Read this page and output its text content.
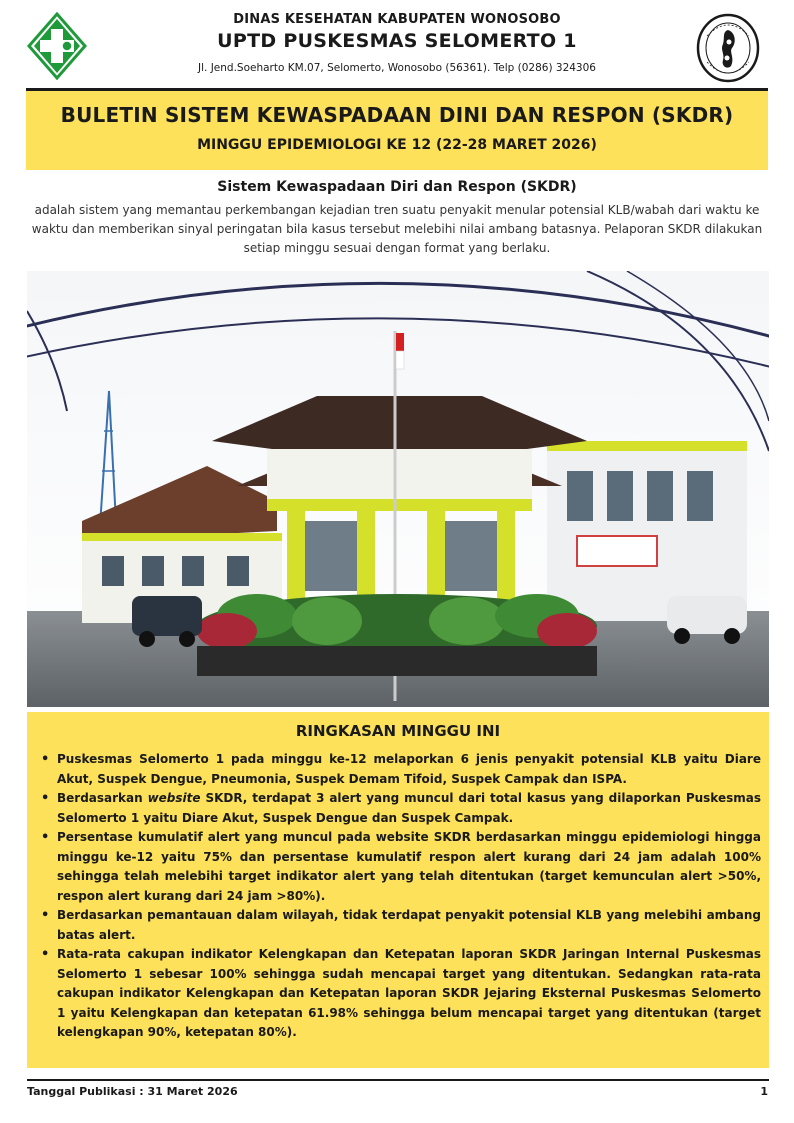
DINAS KESEHATAN KABUPATEN WONOSOBO
UPTD PUSKESMAS SELOMERTO 1
Jl. Jend.Soeharto KM.07, Selomerto, Wonosobo (56361). Telp (0286) 324306
BULETIN SISTEM KEWASPADAAN DINI DAN RESPON (SKDR)
MINGGU EPIDEMIOLOGI KE 12 (22-28 MARET 2026)
Sistem Kewaspadaan Diri dan Respon (SKDR)
adalah sistem yang memantau perkembangan kejadian tren suatu penyakit menular potensial KLB/wabah dari waktu ke waktu dan memberikan sinyal peringatan bila kasus tersebut melebihi nilai ambang batasnya. Pelaporan SKDR dilakukan setiap minggu sesuai dengan format yang berlaku.
RINGKASAN MINGGU INI
• Puskesmas Selomerto 1 pada minggu ke-12 melaporkan 6 jenis penyakit potensial KLB yaitu Diare Akut, Suspek Dengue, Pneumonia, Suspek Demam Tifoid, Suspek Campak dan ISPA.
• Berdasarkan website SKDR, terdapat 3 alert yang muncul dari total kasus yang dilaporkan Puskesmas Selomerto 1 yaitu Diare Akut, Suspek Dengue dan Suspek Campak.
• Persentase kumulatif alert yang muncul pada website SKDR berdasarkan minggu epidemiologi hingga minggu ke-12 yaitu 75% dan persentase kumulatif respon alert kurang dari 24 jam adalah 100% sehingga telah melebihi target indikator alert yang telah ditentukan (target kemunculan alert >50%, respon alert kurang dari 24 jam >80%).
• Berdasarkan pemantauan dalam wilayah, tidak terdapat penyakit potensial KLB yang melebihi ambang batas alert.
• Rata-rata cakupan indikator Kelengkapan dan Ketepatan laporan SKDR Jaringan Internal Puskesmas Selomerto 1 sebesar 100% sehingga sudah mencapai target yang ditentukan. Sedangkan rata-rata cakupan indikator Kelengkapan dan Ketepatan laporan SKDR Jejaring Eksternal Puskesmas Selomerto 1 yaitu Kelengkapan dan ketepatan 61.98% sehingga belum mencapai target yang ditentukan (target kelengkapan 90%, ketepatan 80%).
Tanggal Publikasi : 31 Maret 2026	1
